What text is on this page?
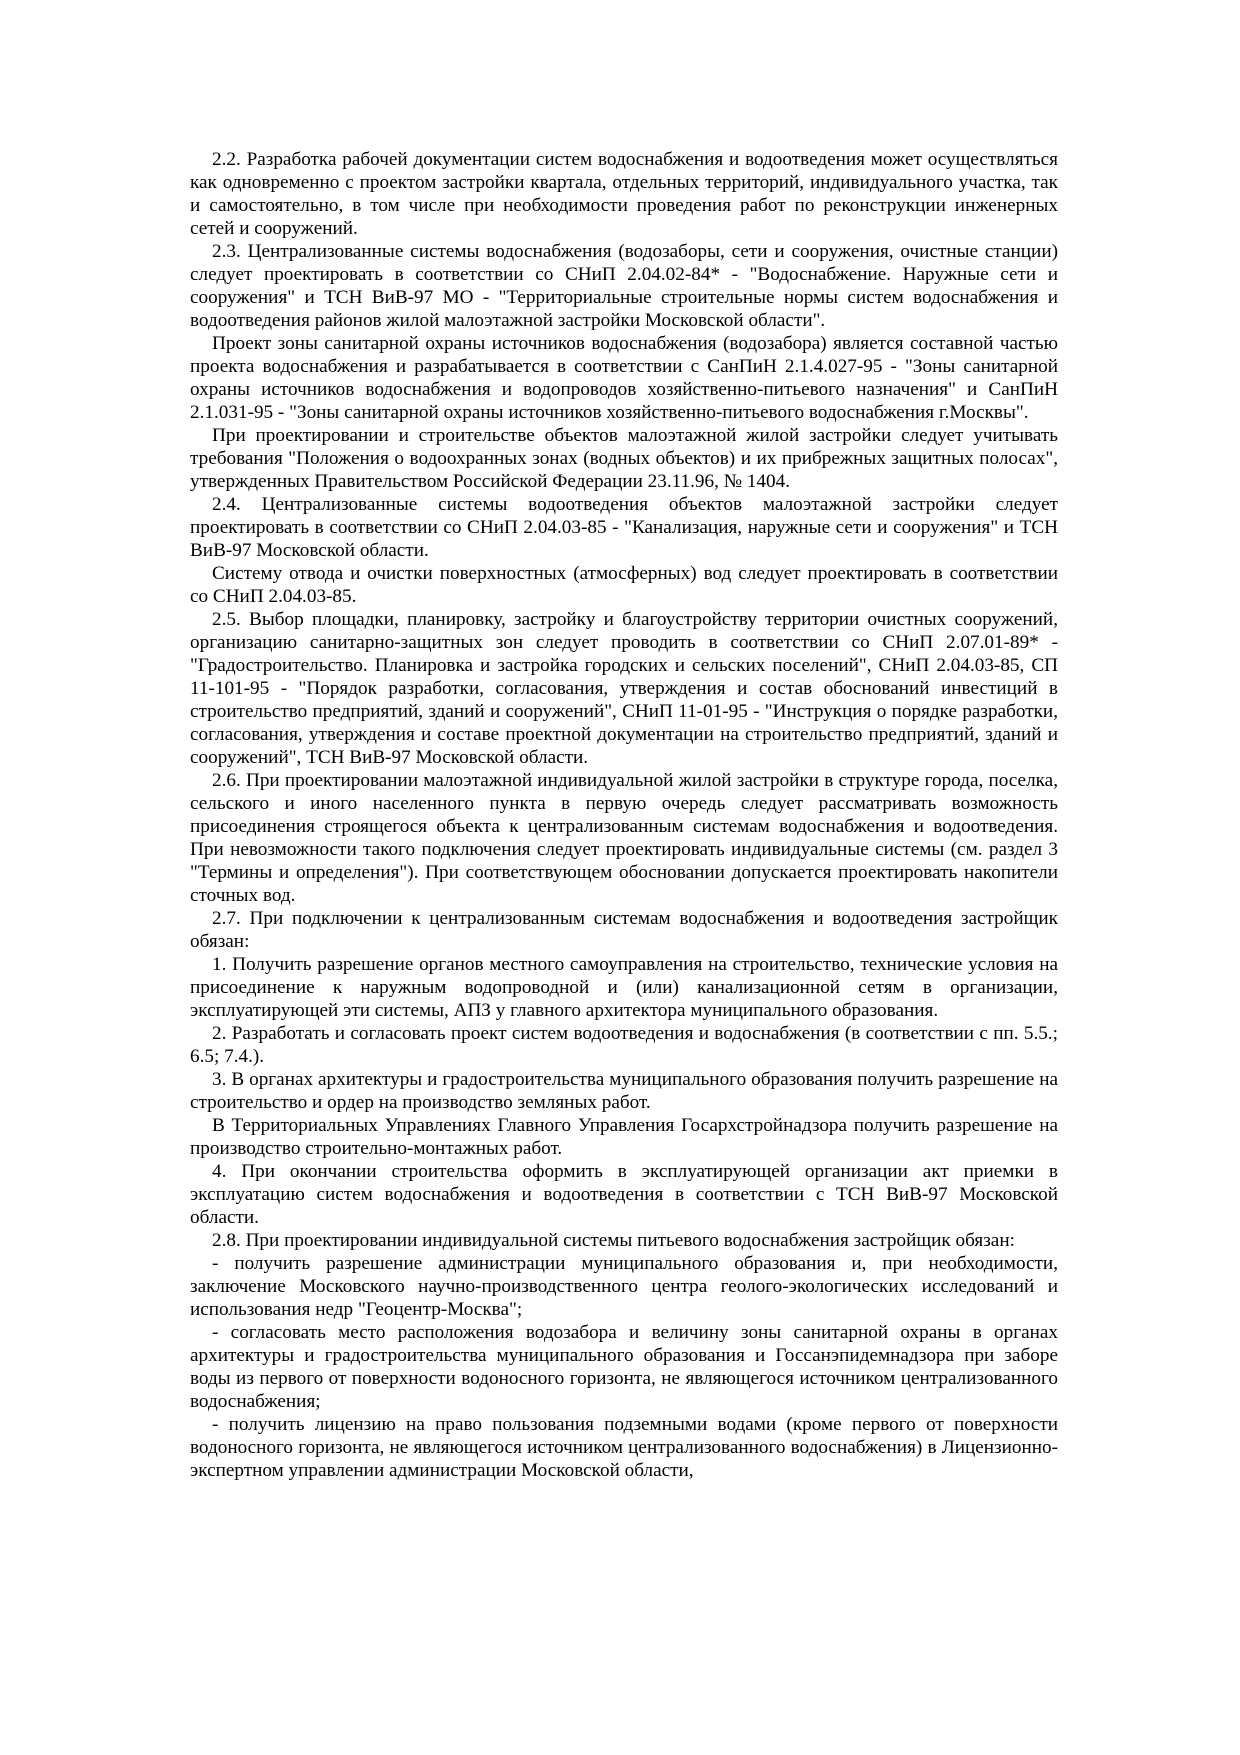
2.2. Разработка рабочей документации систем водоснабжения и водоотведения может осуществляться как одновременно с проектом застройки квартала, отдельных территорий, индивидуального участка, так и самостоятельно, в том числе при необходимости проведения работ по реконструкции инженерных сетей и сооружений.

2.3. Централизованные системы водоснабжения (водозаборы, сети и сооружения, очистные станции) следует проектировать в соответствии со СНиП 2.04.02-84* - "Водоснабжение. Наружные сети и сооружения" и ТСН ВиВ-97 МО - "Территориальные строительные нормы систем водоснабжения и водоотведения районов жилой малоэтажной застройки Московской области".

Проект зоны санитарной охраны источников водоснабжения (водозабора) является составной частью проекта водоснабжения и разрабатывается в соответствии с СанПиН 2.1.4.027-95 - "Зоны санитарной охраны источников водоснабжения и водопроводов хозяйственно-питьевого назначения" и СанПиН 2.1.031-95 - "Зоны санитарной охраны источников хозяйственно-питьевого водоснабжения г.Москвы".

При проектировании и строительстве объектов малоэтажной жилой застройки следует учитывать требования "Положения о водоохранных зонах (водных объектов) и их прибрежных защитных полосах", утвержденных Правительством Российской Федерации 23.11.96, № 1404.

2.4. Централизованные системы водоотведения объектов малоэтажной застройки следует проектировать в соответствии со СНиП 2.04.03-85 - "Канализация, наружные сети и сооружения" и ТСН ВиВ-97 Московской области.

Систему отвода и очистки поверхностных (атмосферных) вод следует проектировать в соответствии со СНиП 2.04.03-85.

2.5. Выбор площадки, планировку, застройку и благоустройству территории очистных сооружений, организацию санитарно-защитных зон следует проводить в соответствии со СНиП 2.07.01-89* - "Градостроительство. Планировка и застройка городских и сельских поселений", СНиП 2.04.03-85, СП 11-101-95 - "Порядок разработки, согласования, утверждения и состав обоснований инвестиций в строительство предприятий, зданий и сооружений", СНиП 11-01-95 - "Инструкция о порядке разработки, согласования, утверждения и составе проектной документации на строительство предприятий, зданий и сооружений", ТСН ВиВ-97 Московской области.

2.6. При проектировании малоэтажной индивидуальной жилой застройки в структуре города, поселка, сельского и иного населенного пункта в первую очередь следует рассматривать возможность присоединения строящегося объекта к централизованным системам водоснабжения и водоотведения. При невозможности такого подключения следует проектировать индивидуальные системы (см. раздел 3 "Термины и определения"). При соответствующем обосновании допускается проектировать накопители сточных вод.

2.7. При подключении к централизованным системам водоснабжения и водоотведения застройщик обязан:

1. Получить разрешение органов местного самоуправления на строительство, технические условия на присоединение к наружным водопроводной и (или) канализационной сетям в организации, эксплуатирующей эти системы, АПЗ у главного архитектора муниципального образования.

2. Разработать и согласовать проект систем водоотведения и водоснабжения (в соответствии с пп. 5.5.; 6.5; 7.4.).

3. В органах архитектуры и градостроительства муниципального образования получить разрешение на строительство и ордер на производство земляных работ.

В Территориальных Управлениях Главного Управления Госархстройнадзора получить разрешение на производство строительно-монтажных работ.

4. При окончании строительства оформить в эксплуатирующей организации акт приемки в эксплуатацию систем водоснабжения и водоотведения в соответствии с ТСН ВиВ-97 Московской области.

2.8. При проектировании индивидуальной системы питьевого водоснабжения застройщик обязан:

- получить разрешение администрации муниципального образования и, при необходимости, заключение Московского научно-производственного центра геолого-экологических исследований и использования недр "Геоцентр-Москва";

- согласовать место расположения водозабора и величину зоны санитарной охраны в органах архитектуры и градостроительства муниципального образования и Госсанэпидемнадзора при заборе воды из первого от поверхности водоносного горизонта, не являющегося источником централизованного водоснабжения;

- получить лицензию на право пользования подземными водами (кроме первого от поверхности водоносного горизонта, не являющегося источником централизованного водоснабжения) в Лицензионно-экспертном управлении администрации Московской области,
